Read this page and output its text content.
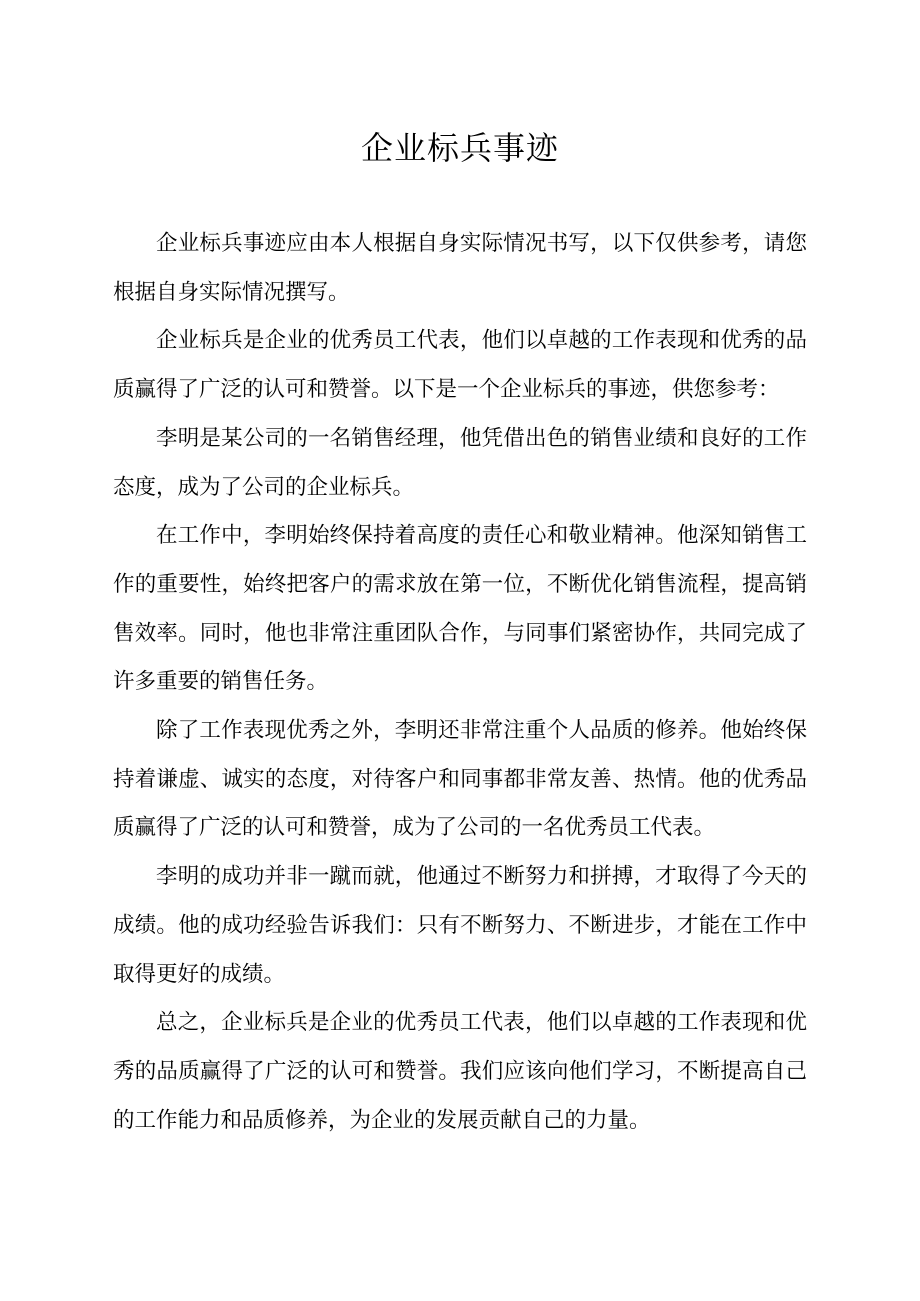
企业标兵事迹

企业标兵事迹应由本人根据自身实际情况书写，以下仅供参考，请您根据自身实际情况撰写。

企业标兵是企业的优秀员工代表，他们以卓越的工作表现和优秀的品质赢得了广泛的认可和赞誉。以下是一个企业标兵的事迹，供您参考：

李明是某公司的一名销售经理，他凭借出色的销售业绩和良好的工作态度，成为了公司的企业标兵。

在工作中，李明始终保持着高度的责任心和敬业精神。他深知销售工作的重要性，始终把客户的需求放在第一位，不断优化销售流程，提高销售效率。同时，他也非常注重团队合作，与同事们紧密协作，共同完成了许多重要的销售任务。

除了工作表现优秀之外，李明还非常注重个人品质的修养。他始终保持着谦虚、诚实的态度，对待客户和同事都非常友善、热情。他的优秀品质赢得了广泛的认可和赞誉，成为了公司的一名优秀员工代表。

李明的成功并非一蹴而就，他通过不断努力和拼搏，才取得了今天的成绩。他的成功经验告诉我们：只有不断努力、不断进步，才能在工作中取得更好的成绩。

总之，企业标兵是企业的优秀员工代表，他们以卓越的工作表现和优秀的品质赢得了广泛的认可和赞誉。我们应该向他们学习，不断提高自己的工作能力和品质修养，为企业的发展贡献自己的力量。
